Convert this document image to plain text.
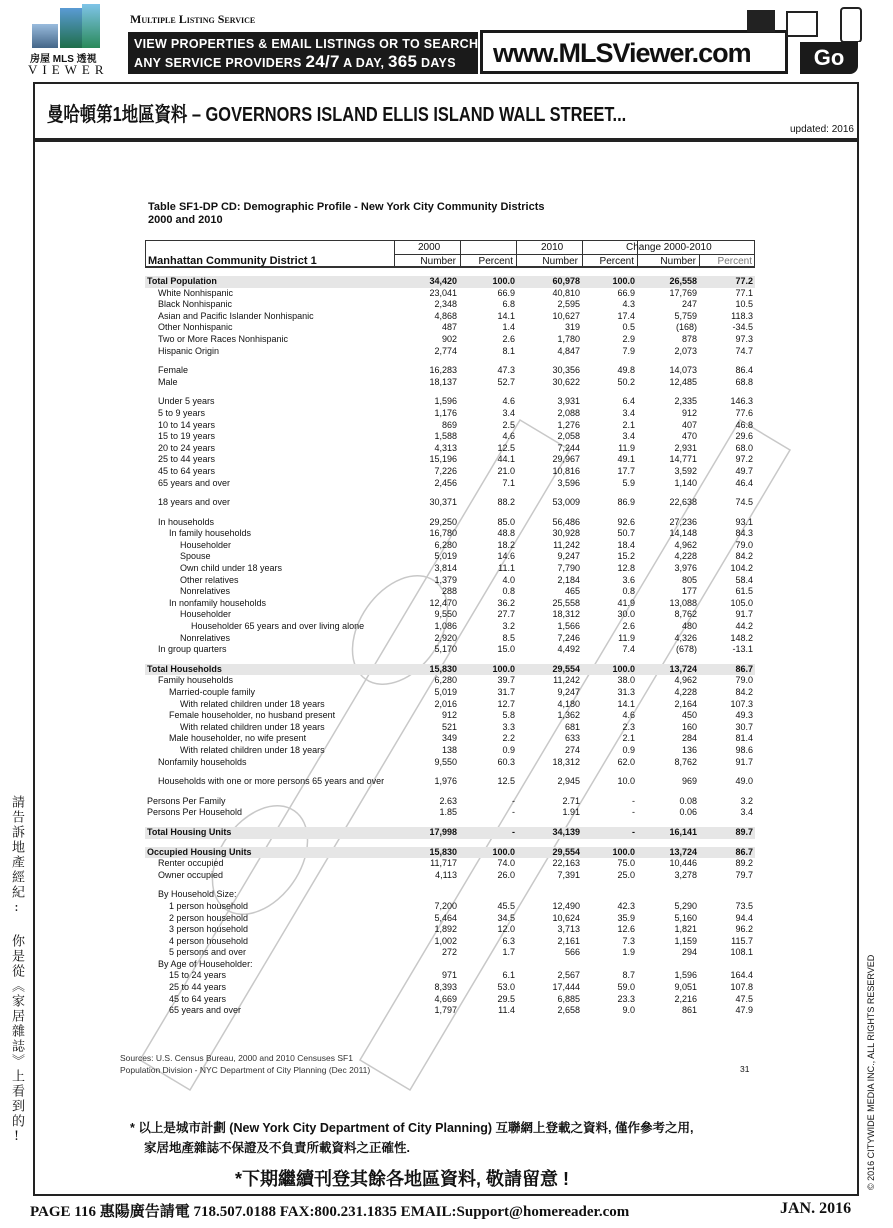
房屋 MLS 透視
VIEWER
Multiple Listing Service
VIEW PROPERTIES & EMAIL LISTINGS OR TO SEARCH
ANY SERVICE PROVIDERS 24/7 A DAY, 365 DAYS	www.MLSViewer.com	Go
曼哈頓第1地區資料 – GOVERNORS ISLAND ELLIS ISLAND WALL STREET...
updated: 2016
Table SF1-DP CD: Demographic Profile - New York City Community Districts
2000 and 2010
Manhattan Community District 1
2000	2010	Change 2000-2010
Number Percent	Number Percent	Number Percent
Total Population	34,420	100.0	60,978	100.0	26,558	77.2
White Nonhispanic	23,041	66.9	40,810	66.9	17,769	77.1
Black Nonhispanic	2,348	6.8	2,595	4.3	247	10.5
Asian and Pacific Islander Nonhispanic	4,868	14.1	10,627	17.4	5,759	118.3
Other Nonhispanic	487	1.4	319	0.5	(168)	-34.5
Two or More Races Nonhispanic	902	2.6	1,780	2.9	878	97.3
Hispanic Origin	2,774	8.1	4,847	7.9	2,073	74.7
Female	16,283	47.3	30,356	49.8	14,073	86.4
Male	18,137	52.7	30,622	50.2	12,485	68.8
Under 5 years	1,596	4.6	3,931	6.4	2,335	146.3
5 to 9 years	1,176	3.4	2,088	3.4	912	77.6
10 to 14 years	869	2.5	1,276	2.1	407	46.8
15 to 19 years	1,588	4.6	2,058	3.4	470	29.6
20 to 24 years	4,313	12.5	7,244	11.9	2,931	68.0
25 to 44 years	15,196	44.1	29,967	49.1	14,771	97.2
45 to 64 years	7,226	21.0	10,816	17.7	3,592	49.7
65 years and over	2,456	7.1	3,596	5.9	1,140	46.4
18 years and over	30,371	88.2	53,009	86.9	22,638	74.5
In households	29,250	85.0	56,486	92.6	27,236	93.1
In family households	16,780	48.8	30,928	50.7	14,148	84.3
Householder	6,280	18.2	11,242	18.4	4,962	79.0
Spouse	5,019	14.6	9,247	15.2	4,228	84.2
Own child under 18 years	3,814	11.1	7,790	12.8	3,976	104.2
Other relatives	1,379	4.0	2,184	3.6	805	58.4
Nonrelatives	288	0.8	465	0.8	177	61.5
In nonfamily households	12,470	36.2	25,558	41.9	13,088	105.0
Householder	9,550	27.7	18,312	30.0	8,762	91.7
Householder 65 years and over living alone	1,086	3.2	1,566	2.6	480	44.2
Nonrelatives	2,920	8.5	7,246	11.9	4,326	148.2
In group quarters	5,170	15.0	4,492	7.4	(678)	-13.1
Total Households	15,830	100.0	29,554	100.0	13,724	86.7
Family households	6,280	39.7	11,242	38.0	4,962	79.0
Married-couple family	5,019	31.7	9,247	31.3	4,228	84.2
With related children under 18 years	2,016	12.7	4,180	14.1	2,164	107.3
Female householder, no husband present	912	5.8	1,362	4.6	450	49.3
With related children under 18 years	521	3.3	681	2.3	160	30.7
Male householder, no wife present	349	2.2	633	2.1	284	81.4
With related children under 18 years	138	0.9	274	0.9	136	98.6
Nonfamily households	9,550	60.3	18,312	62.0	8,762	91.7
Households with one or more persons 65 years and over	1,976	12.5	2,945	10.0	969	49.0
Persons Per Family	2.63	-	2.71	-	0.08	3.2
Persons Per Household	1.85	-	1.91	-	0.06	3.4
Total Housing Units	17,998	-	34,139	-	16,141	89.7
Occupied Housing Units	15,830	100.0	29,554	100.0	13,724	86.7
Renter occupied	11,717	74.0	22,163	75.0	10,446	89.2
Owner occupied	4,113	26.0	7,391	25.0	3,278	79.7
By Household Size:
1 person household	7,200	45.5	12,490	42.3	5,290	73.5
2 person household	5,464	34.5	10,624	35.9	5,160	94.4
3 person household	1,892	12.0	3,713	12.6	1,821	96.2
4 person household	1,002	6.3	2,161	7.3	1,159	115.7
5 persons and over	272	1.7	566	1.9	294	108.1
By Age of Householder:
15 to 24 years	971	6.1	2,567	8.7	1,596	164.4
25 to 44 years	8,393	53.0	17,444	59.0	9,051	107.8
45 to 64 years	4,669	29.5	6,885	23.3	2,216	47.5
65 years and over	1,797	11.4	2,658	9.0	861	47.9
Sources: U.S. Census Bureau, 2000 and 2010 Censuses SF1
Population Division - NYC Department of City Planning (Dec 2011)	31
* 以上是城市計劃 (New York City Department of City Planning) 互聯網上登載之資料, 僅作參考之用,
家居地產雜誌不保證及不負責所載資料之正確性.
*下期繼續刊登其餘各地區資料, 敬請留意 !
請告訴地產經紀: 你是從《家居雜誌》上看到的!	© 2016 CITYWIDE MEDIA INC., ALL RIGHTS RESERVED
PAGE 116 惠陽廣告請電 718.507.0188 FAX:800.231.1835 EMAIL:Support@homereader.com	JAN. 2016
